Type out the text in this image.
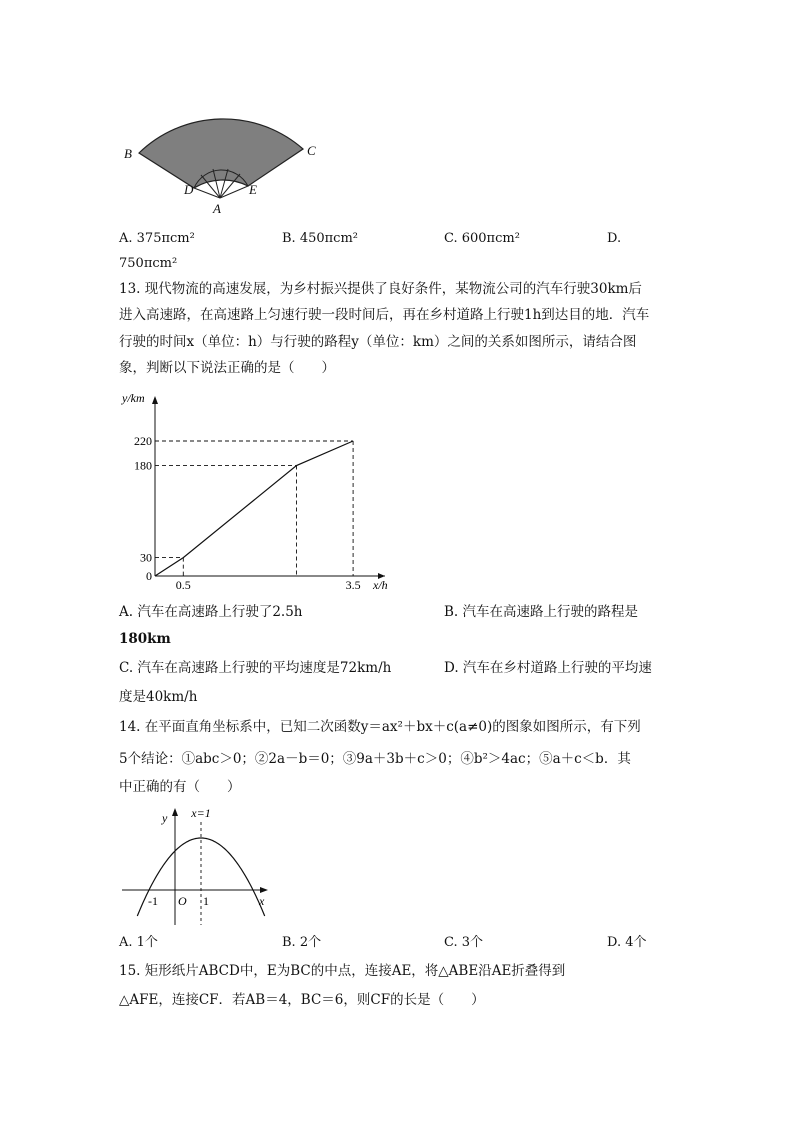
B	C
D	E
A
A. 375πcm²	B. 450πcm²	C. 600πcm²	D.
750πcm²
13. 现代物流的高速发展，为乡村振兴提供了良好条件，某物流公司的汽车行驶30km后
进入高速路，在高速路上匀速行驶一段时间后，再在乡村道路上行驶1h到达目的地．汽车
行驶的时间x（单位：h）与行驶的路程y（单位：km）之间的关系如图所示，请结合图
象，判断以下说法正确的是（　　）
y/km
x/h
220
180
30
0
0.5	3.5
A. 汽车在高速路上行驶了2.5h	B. 汽车在高速路上行驶的路程是
180km
C. 汽车在高速路上行驶的平均速度是72km/h	D. 汽车在乡村道路上行驶的平均速
度是40km/h
14. 在平面直角坐标系中，已知二次函数y＝ax²＋bx＋c(a≠0)的图象如图所示，有下列
5个结论：①abc＞0；②2a－b＝0；③9a＋3b＋c＞0；④b²＞4ac；⑤a＋c＜b．其
中正确的有（　　）
y
x
x=1
-1 O 1
A. 1个	B. 2个	C. 3个	D. 4个
15. 矩形纸片ABCD中，E为BC的中点，连接AE，将△ABE沿AE折叠得到
△AFE，连接CF．若AB＝4，BC＝6，则CF的长是（　　）
